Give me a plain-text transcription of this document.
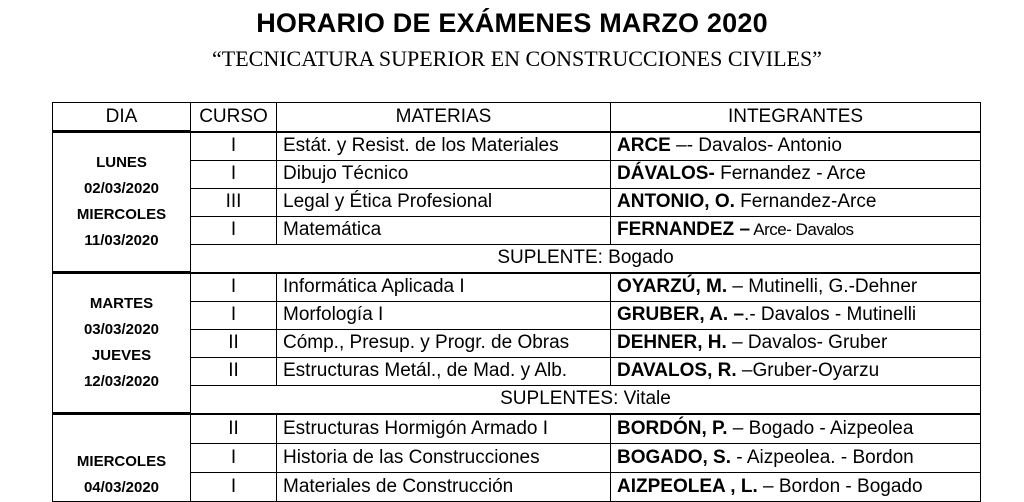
HORARIO DE EXÁMENES MARZO 2020
“TECNICATURA SUPERIOR EN CONSTRUCCIONES CIVILES”
DIA	CURSO	MATERIAS	INTEGRANTES

LUNES
02/03/2020
MIERCOLES
11/03/2020	I	Estát. y Resist. de los Materiales	ARCE –- Davalos- Antonio
	I	Dibujo Técnico	DÁVALOS- Fernandez - Arce
	III	Legal y Ética Profesional	ANTONIO, O. Fernandez-Arce
	I	Matemática	FERNANDEZ – Arce- Davalos
	SUPLENTE: Bogado		

MARTES
03/03/2020
JUEVES
12/03/2020	I	Informática Aplicada I	OYARZÚ, M. – Mutinelli, G.-Dehner
	I	Morfología I	GRUBER, A. –.- Davalos - Mutinelli
	II	Cómp., Presup. y Progr. de Obras	DEHNER, H. – Davalos- Gruber
	II	Estructuras Metál., de Mad. y Alb.	DAVALOS, R. –Gruber-Oyarzu
	SUPLENTES: Vitale		

MIERCOLES
04/03/2020	II	Estructuras Hormigón Armado I	BORDÓN, P. – Bogado - Aizpeolea
	I	Historia de las Construcciones	BOGADO, S. - Aizpeolea. - Bordon
	I	Materiales de Construcción	AIZPEOLEA , L. – Bordon - Bogado
